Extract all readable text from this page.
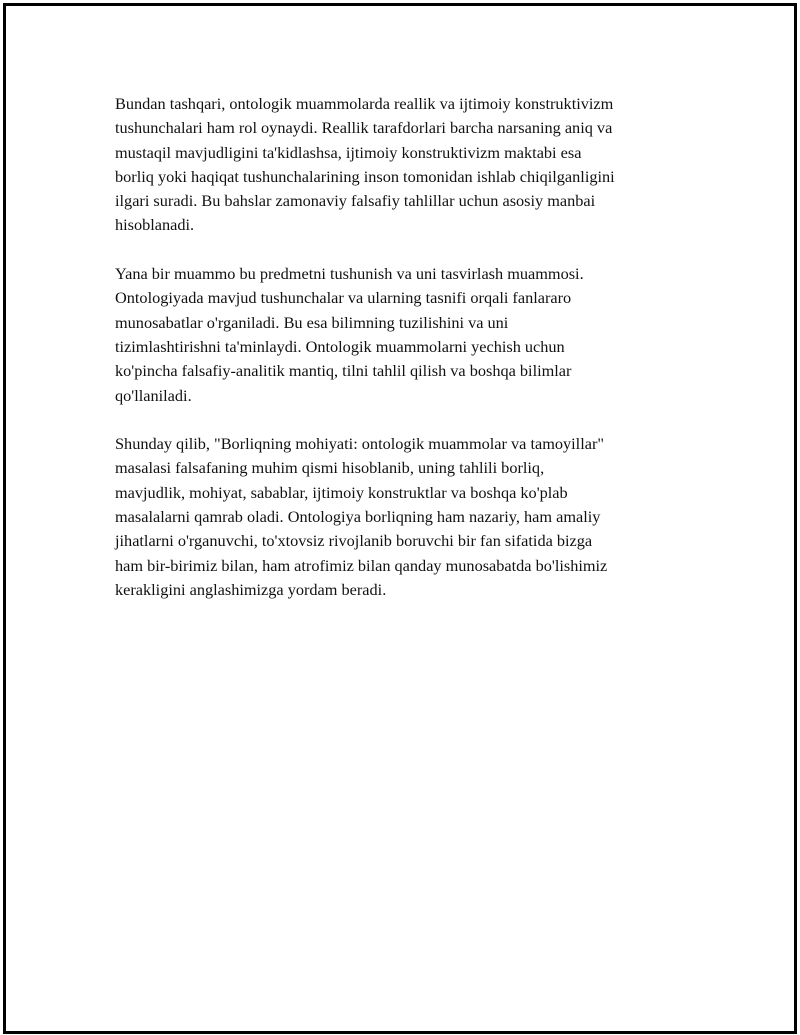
Bundan tashqari, ontologik muammolarda reallik va ijtimoiy konstruktivizm
tushunchalari ham rol oynaydi. Reallik tarafdorlari barcha narsaning aniq va
mustaqil mavjudligini ta'kidlashsa, ijtimoiy konstruktivizm maktabi esa
borliq yoki haqiqat tushunchalarining inson tomonidan ishlab chiqilganligini
ilgari suradi. Bu bahslar zamonaviy falsafiy tahlillar uchun asosiy manbai
hisoblanadi.

Yana bir muammo bu predmetni tushunish va uni tasvirlash muammosi.
Ontologiyada mavjud tushunchalar va ularning tasnifi orqali fanlararo
munosabatlar o'rganiladi. Bu esa bilimning tuzilishini va uni
tizimlashtirishni ta'minlaydi. Ontologik muammolarni yechish uchun
ko'pincha falsafiy-analitik mantiq, tilni tahlil qilish va boshqa bilimlar
qo'llaniladi.

Shunday qilib, "Borliqning mohiyati: ontologik muammolar va tamoyillar"
masalasi falsafaning muhim qismi hisoblanib, uning tahlili borliq,
mavjudlik, mohiyat, sabablar, ijtimoiy konstruktlar va boshqa ko'plab
masalalarni qamrab oladi. Ontologiya borliqning ham nazariy, ham amaliy
jihatlarni o'rganuvchi, to'xtovsiz rivojlanib boruvchi bir fan sifatida bizga
ham bir-birimiz bilan, ham atrofimiz bilan qanday munosabatda bo'lishimiz
kerakligini anglashimizga yordam beradi.
